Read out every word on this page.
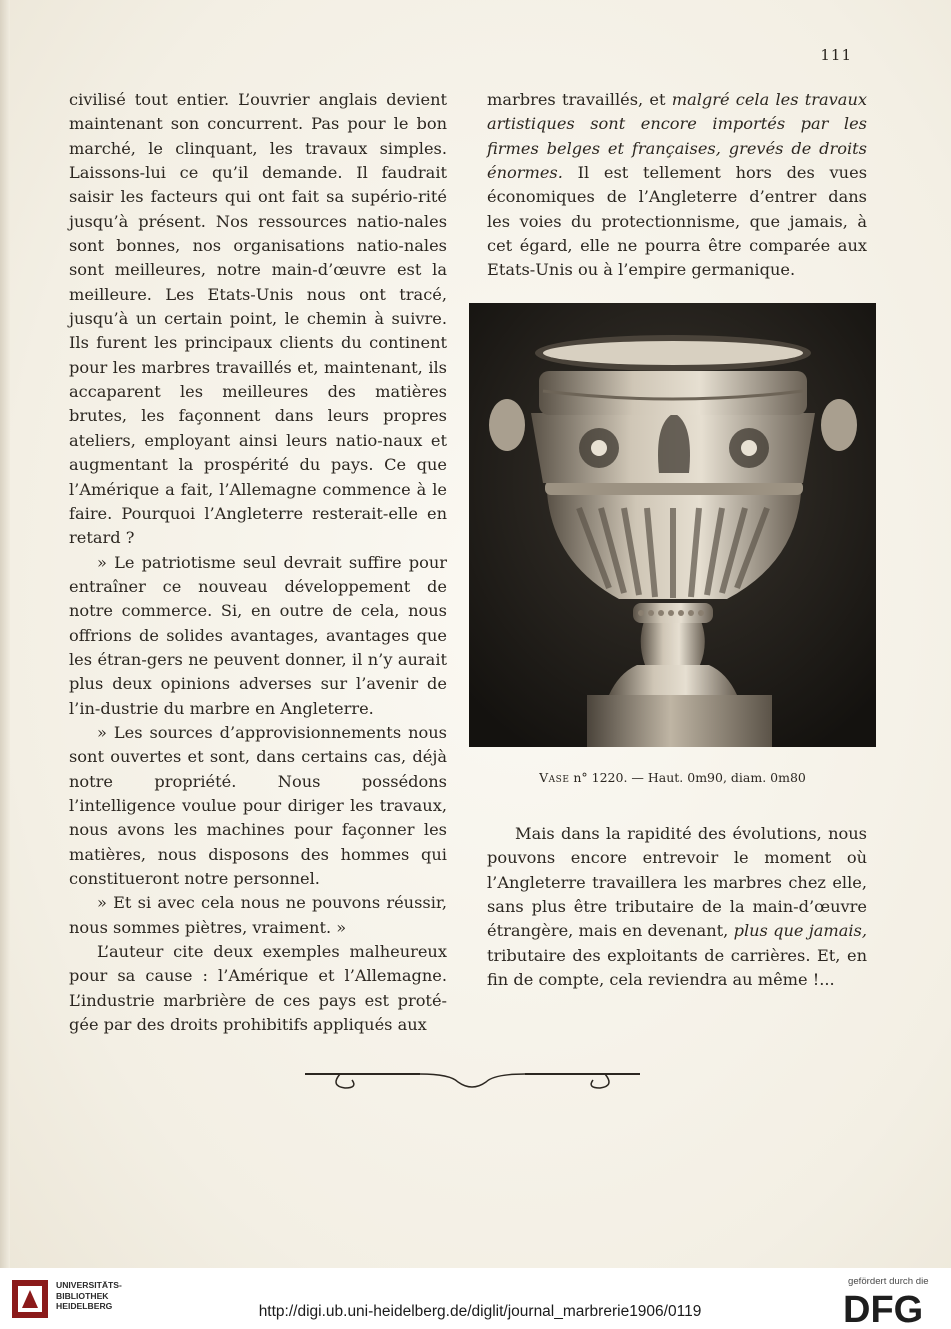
111

civilisé tout entier. L’ouvrier anglais devient maintenant son concurrent. Pas pour le bon marché, le clinquant, les travaux simples. Laissons-lui ce qu’il demande. Il faudrait saisir les facteurs qui ont fait sa supério-rité jusqu’à présent. Nos ressources natio-nales sont bonnes, nos organisations natio-nales sont meilleures, notre main-d’œuvre est la meilleure. Les Etats-Unis nous ont tracé, jusqu’à un certain point, le chemin à suivre. Ils furent les principaux clients du continent pour les marbres travaillés et, maintenant, ils accaparent les meilleures des matières brutes, les façonnent dans leurs propres ateliers, employant ainsi leurs natio-naux et augmentant la prospérité du pays. Ce que l’Amérique a fait, l’Allemagne commence à le faire. Pourquoi l’Angleterre resterait-elle en retard ?

» Le patriotisme seul devrait suffire pour entraîner ce nouveau développement de notre commerce. Si, en outre de cela, nous offrions de solides avantages, avantages que les étran-gers ne peuvent donner, il n’y aurait plus deux opinions adverses sur l’avenir de l’in-dustrie du marbre en Angleterre.

» Les sources d’approvisionnements nous sont ouvertes et sont, dans certains cas, déjà notre propriété. Nous possédons l’intelligence voulue pour diriger les travaux, nous avons les machines pour façonner les matières, nous disposons des hommes qui constitueront notre personnel.

» Et si avec cela nous ne pouvons réussir, nous sommes piètres, vraiment. »

L’auteur cite deux exemples malheureux pour sa cause : l’Amérique et l’Allemagne. L’industrie marbrière de ces pays est proté-gée par des droits prohibitifs appliqués aux

marbres travaillés, et malgré cela les travaux artistiques sont encore importés par les firmes belges et françaises, grevés de droits énormes. Il est tellement hors des vues économiques de l’Angleterre d’entrer dans les voies du protectionnisme, que jamais, à cet égard, elle ne pourra être comparée aux Etats-Unis ou à l’empire germanique.

Vase n° 1220. — Haut. 0m90, diam. 0m80

Mais dans la rapidité des évolutions, nous pouvons encore entrevoir le moment où l’Angleterre travaillera les marbres chez elle, sans plus être tributaire de la main-d’œuvre étrangère, mais en devenant, plus que jamais, tributaire des exploitants de carrières. Et, en fin de compte, cela reviendra au même !...

UNIVERSITÄTS-
BIBLIOTHEK
HEIDELBERG	http://digi.ub.uni-heidelberg.de/diglit/journal_marbrerie1906/0119
gefördert durch die
DFG
